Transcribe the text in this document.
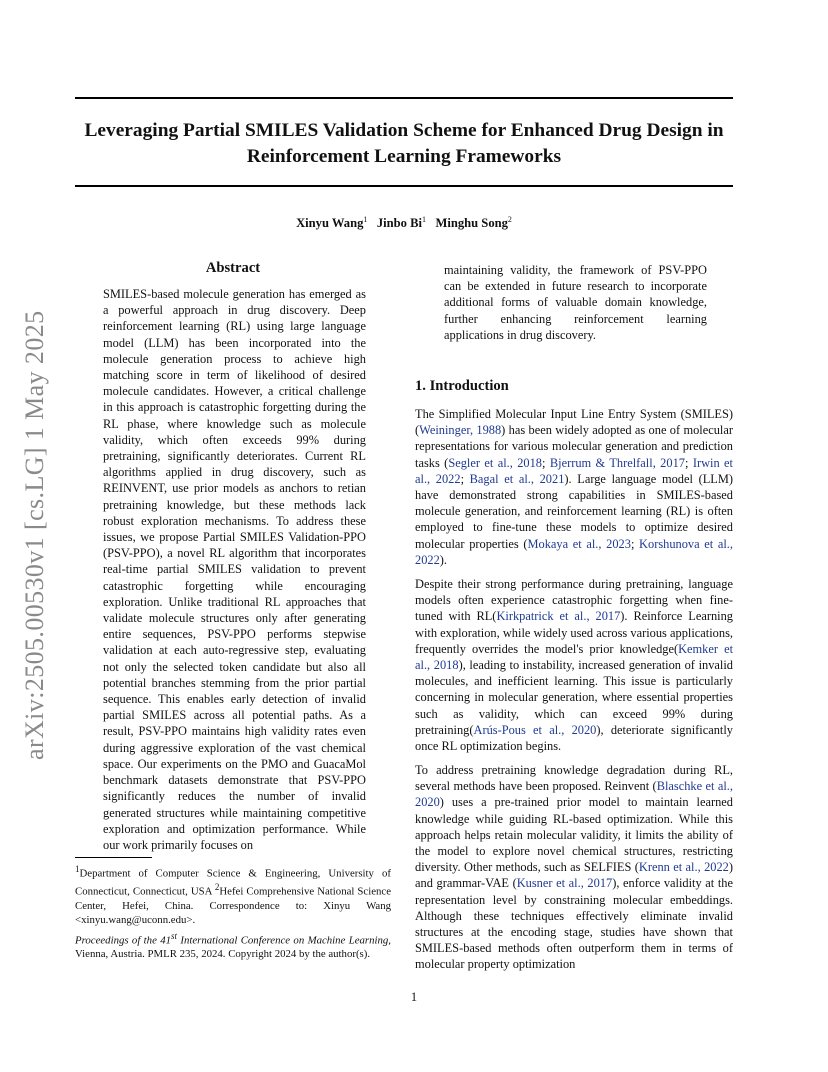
Leveraging Partial SMILES Validation Scheme for Enhanced Drug Design in Reinforcement Learning Frameworks
Xinyu Wang$^1$ Jinbo Bi$^1$ Minghu Song$^2$
arXiv:2505.00530v1 [cs.LG] 1 May 2025
Abstract
SMILES-based molecule generation has emerged as a powerful approach in drug discovery. Deep reinforcement learning (RL) using large language model (LLM) has been incorporated into the molecule generation process to achieve high matching score in term of likelihood of desired molecule candidates. However, a critical challenge in this approach is catastrophic forgetting during the RL phase, where knowledge such as molecule validity, which often exceeds 99% during pretraining, significantly deteriorates. Current RL algorithms applied in drug discovery, such as REINVENT, use prior models as anchors to retian pretraining knowledge, but these methods lack robust exploration mechanisms. To address these issues, we propose Partial SMILES Validation-PPO (PSV-PPO), a novel RL algorithm that incorporates real-time partial SMILES validation to prevent catastrophic forgetting while encouraging exploration. Unlike traditional RL approaches that validate molecule structures only after generating entire sequences, PSV-PPO performs stepwise validation at each auto-regressive step, evaluating not only the selected token candidate but also all potential branches stemming from the prior partial sequence. This enables early detection of invalid partial SMILES across all potential paths. As a result, PSV-PPO maintains high validity rates even during aggressive exploration of the vast chemical space. Our experiments on the PMO and GuacaMol benchmark datasets demonstrate that PSV-PPO significantly reduces the number of invalid generated structures while maintaining competitive exploration and optimization performance. While our work primarily focuses on
maintaining validity, the framework of PSV-PPO can be extended in future research to incorporate additional forms of valuable domain knowledge, further enhancing reinforcement learning applications in drug discovery.
$^1$Department of Computer Science & Engineering, University of Connecticut, Connecticut, USA $^2$Hefei Comprehensive National Science Center, Hefei, China. Correspondence to: Xinyu Wang <xinyu.wang@uconn.edu>.
Proceedings of the 41st International Conference on Machine Learning, Vienna, Austria. PMLR 235, 2024. Copyright 2024 by the author(s).
1. Introduction
The Simplified Molecular Input Line Entry System (SMILES) (Weininger, 1988) has been widely adopted as one of molecular representations for various molecular generation and prediction tasks (Segler et al., 2018; Bjerrum & Threlfall, 2017; Irwin et al., 2022; Bagal et al., 2021). Large language model (LLM) have demonstrated strong capabilities in SMILES-based molecule generation, and reinforcement learning (RL) is often employed to fine-tune these models to optimize desired molecular properties (Mokaya et al., 2023; Korshunova et al., 2022).
Despite their strong performance during pretraining, language models often experience catastrophic forgetting when fine-tuned with RL(Kirkpatrick et al., 2017). Reinforce Learning with exploration, while widely used across various applications, frequently overrides the model's prior knowledge(Kemker et al., 2018), leading to instability, increased generation of invalid molecules, and inefficient learning. This issue is particularly concerning in molecular generation, where essential properties such as validity, which can exceed 99% during pretraining(Arús-Pous et al., 2020), deteriorate significantly once RL optimization begins.
To address pretraining knowledge degradation during RL, several methods have been proposed. Reinvent (Blaschke et al., 2020) uses a pre-trained prior model to maintain learned knowledge while guiding RL-based optimization. While this approach helps retain molecular validity, it limits the ability of the model to explore novel chemical structures, restricting diversity. Other methods, such as SELFIES (Krenn et al., 2022) and grammar-VAE (Kusner et al., 2017), enforce validity at the representation level by constraining molecular embeddings. Although these techniques effectively eliminate invalid structures at the encoding stage, studies have shown that SMILES-based methods often outperform them in terms of molecular property optimization
1
